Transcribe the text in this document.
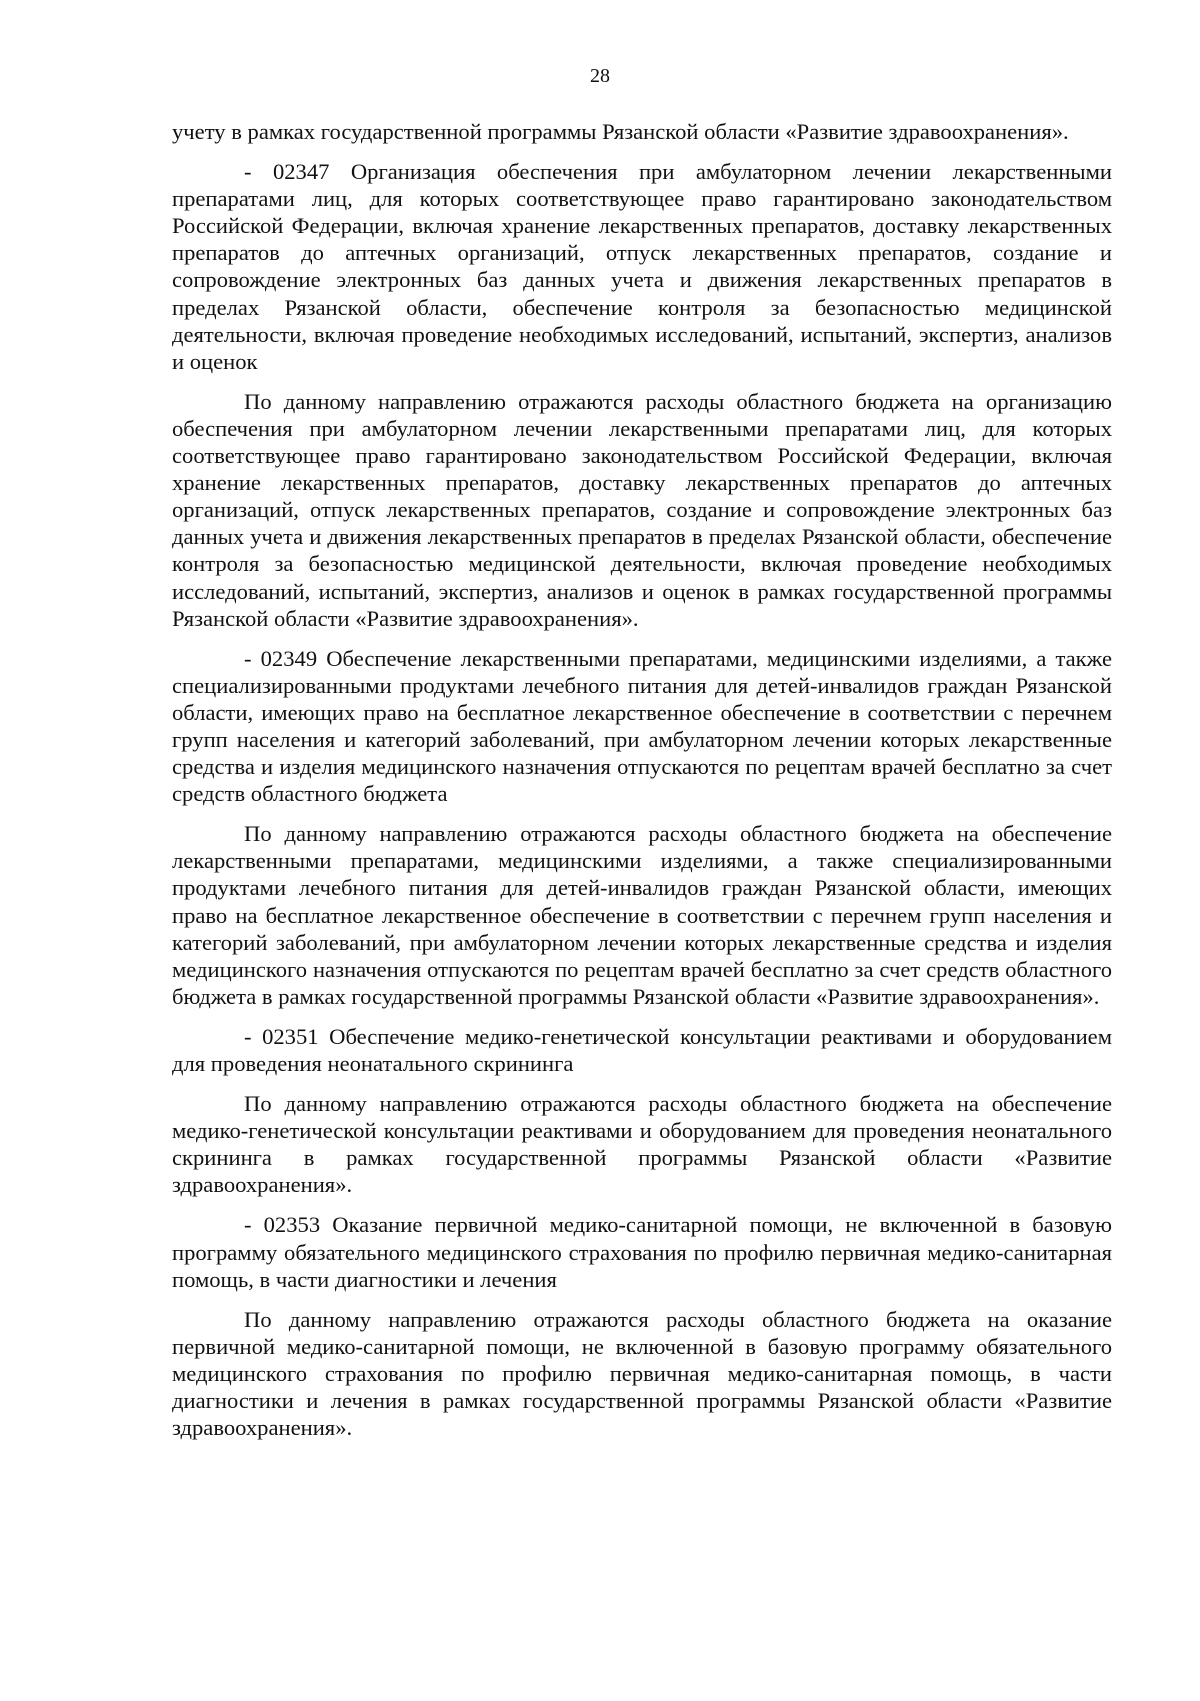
28

учету в рамках государственной программы Рязанской области «Развитие здравоохранения».

- 02347 Организация обеспечения при амбулаторном лечении лекарственными препаратами лиц, для которых соответствующее право гарантировано законодательством Российской Федерации, включая хранение лекарственных препаратов, доставку лекарственных препаратов до аптечных организаций, отпуск лекарственных препаратов, создание и сопровождение электронных баз данных учета и движения лекарственных препаратов в пределах Рязанской области, обеспечение контроля за безопасностью медицинской деятельности, включая проведение необходимых исследований, испытаний, экспертиз, анализов и оценок

По данному направлению отражаются расходы областного бюджета на организацию обеспечения при амбулаторном лечении лекарственными препаратами лиц, для которых соответствующее право гарантировано законодательством Российской Федерации, включая хранение лекарственных препаратов, доставку лекарственных препаратов до аптечных организаций, отпуск лекарственных препаратов, создание и сопровождение электронных баз данных учета и движения лекарственных препаратов в пределах Рязанской области, обеспечение контроля за безопасностью медицинской деятельности, включая проведение необходимых исследований, испытаний, экспертиз, анализов и оценок в рамках государственной программы Рязанской области «Развитие здравоохранения».

- 02349 Обеспечение лекарственными препаратами, медицинскими изделиями, а также специализированными продуктами лечебного питания для детей-инвалидов граждан Рязанской области, имеющих право на бесплатное лекарственное обеспечение в соответствии с перечнем групп населения и категорий заболеваний, при амбулаторном лечении которых лекарственные средства и изделия медицинского назначения отпускаются по рецептам врачей бесплатно за счет средств областного бюджета

По данному направлению отражаются расходы областного бюджета на обеспечение лекарственными препаратами, медицинскими изделиями, а также специализированными продуктами лечебного питания для детей-инвалидов граждан Рязанской области, имеющих право на бесплатное лекарственное обеспечение в соответствии с перечнем групп населения и категорий заболеваний, при амбулаторном лечении которых лекарственные средства и изделия медицинского назначения отпускаются по рецептам врачей бесплатно за счет средств областного бюджета в рамках государственной программы Рязанской области «Развитие здравоохранения».

- 02351 Обеспечение медико-генетической консультации реактивами и оборудованием для проведения неонатального скрининга

По данному направлению отражаются расходы областного бюджета на обеспечение медико-генетической консультации реактивами и оборудованием для проведения неонатального скрининга в рамках государственной программы Рязанской области «Развитие здравоохранения».

- 02353 Оказание первичной медико-санитарной помощи, не включенной в базовую программу обязательного медицинского страхования по профилю первичная медико-санитарная помощь, в части диагностики и лечения

По данному направлению отражаются расходы областного бюджета на оказание первичной медико-санитарной помощи, не включенной в базовую программу обязательного медицинского страхования по профилю первичная медико-санитарная помощь, в части диагностики и лечения в рамках государственной программы Рязанской области «Развитие здравоохранения».
